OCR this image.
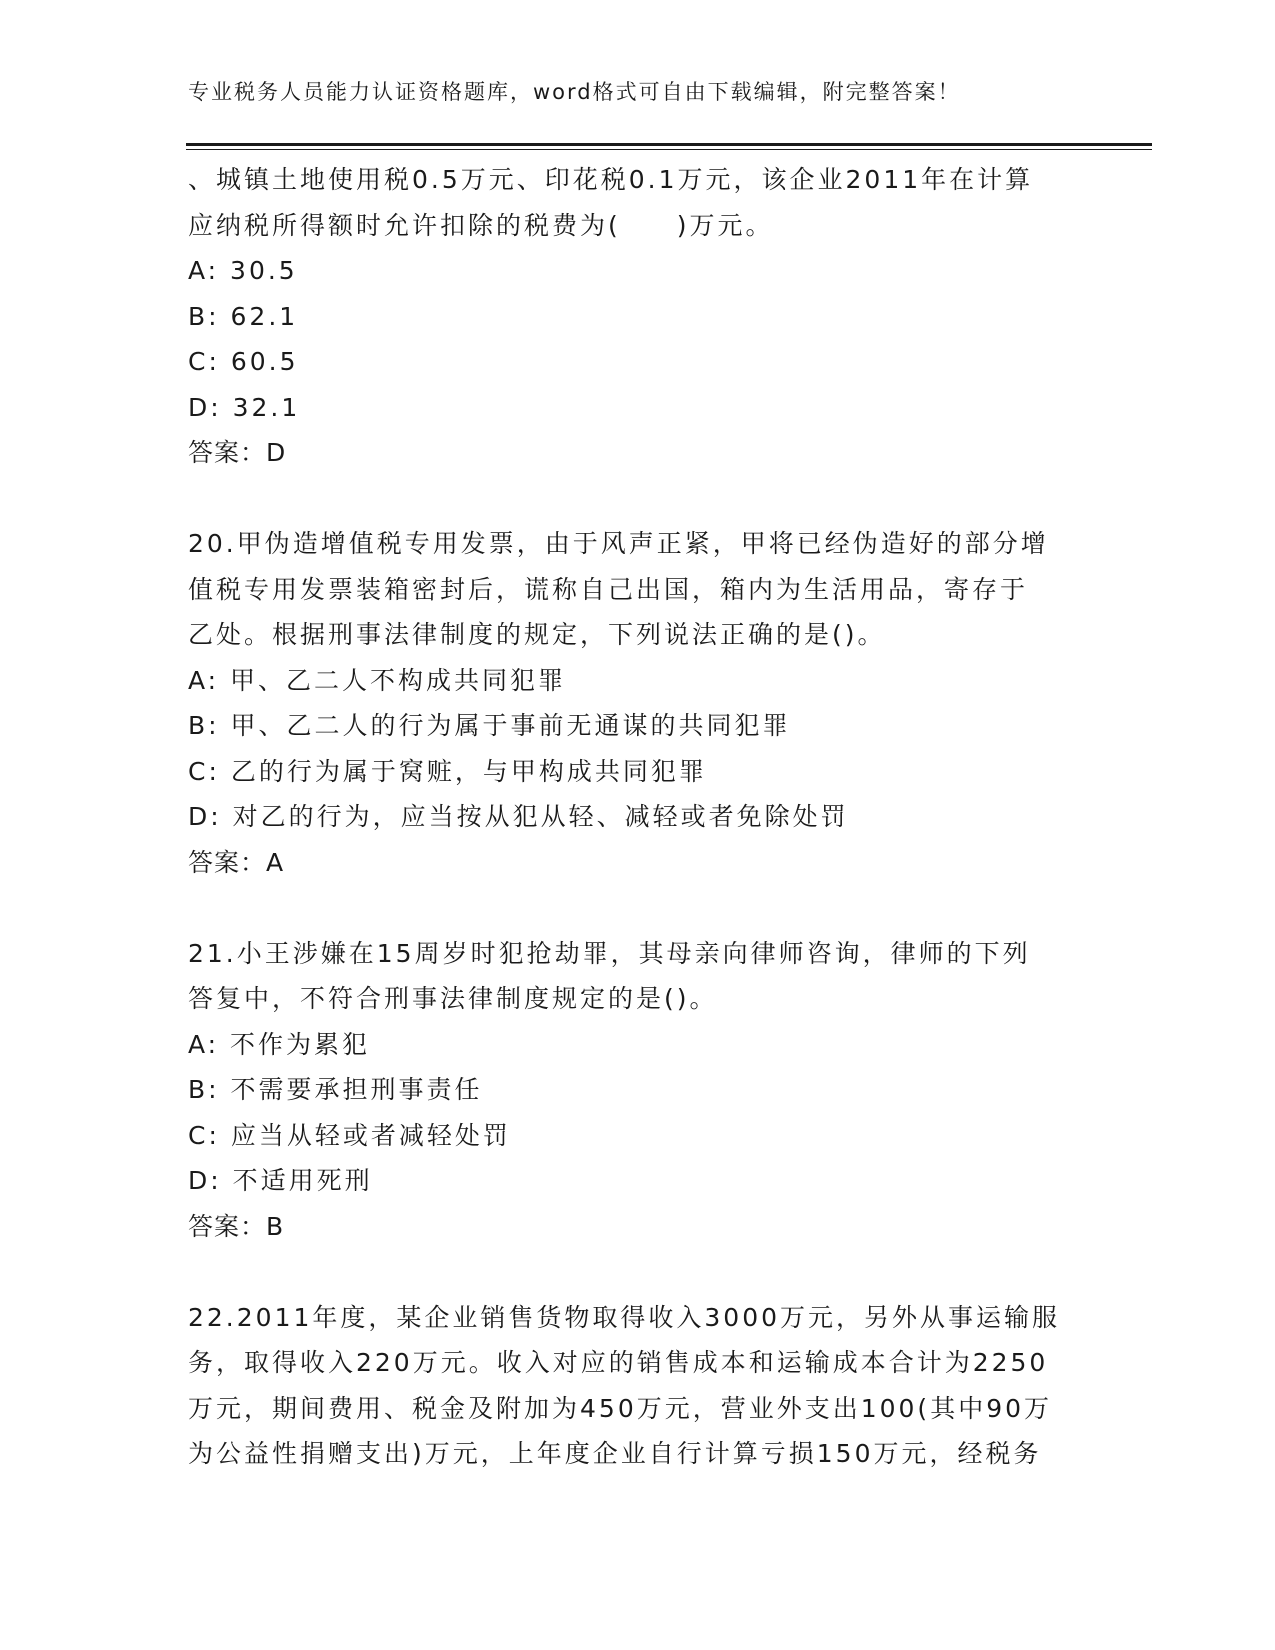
专业税务人员能力认证资格题库，word格式可自由下载编辑，附完整答案！
、城镇土地使用税0.5万元、印花税0.1万元，该企业2011年在计算
应纳税所得额时允许扣除的税费为(　　)万元。
A: 30.5
B: 62.1
C: 60.5
D: 32.1
答案：D
20.甲伪造增值税专用发票，由于风声正紧，甲将已经伪造好的部分增
值税专用发票装箱密封后，谎称自己出国，箱内为生活用品，寄存于
乙处。根据刑事法律制度的规定，下列说法正确的是()。
A: 甲、乙二人不构成共同犯罪
B: 甲、乙二人的行为属于事前无通谋的共同犯罪
C: 乙的行为属于窝赃，与甲构成共同犯罪
D: 对乙的行为，应当按从犯从轻、减轻或者免除处罚
答案：A
21.小王涉嫌在15周岁时犯抢劫罪，其母亲向律师咨询，律师的下列
答复中，不符合刑事法律制度规定的是()。
A: 不作为累犯
B: 不需要承担刑事责任
C: 应当从轻或者减轻处罚
D: 不适用死刑
答案：B
22.2011年度，某企业销售货物取得收入3000万元，另外从事运输服
务，取得收入220万元。收入对应的销售成本和运输成本合计为2250
万元，期间费用、税金及附加为450万元，营业外支出100(其中90万
为公益性捐赠支出)万元，上年度企业自行计算亏损150万元，经税务
